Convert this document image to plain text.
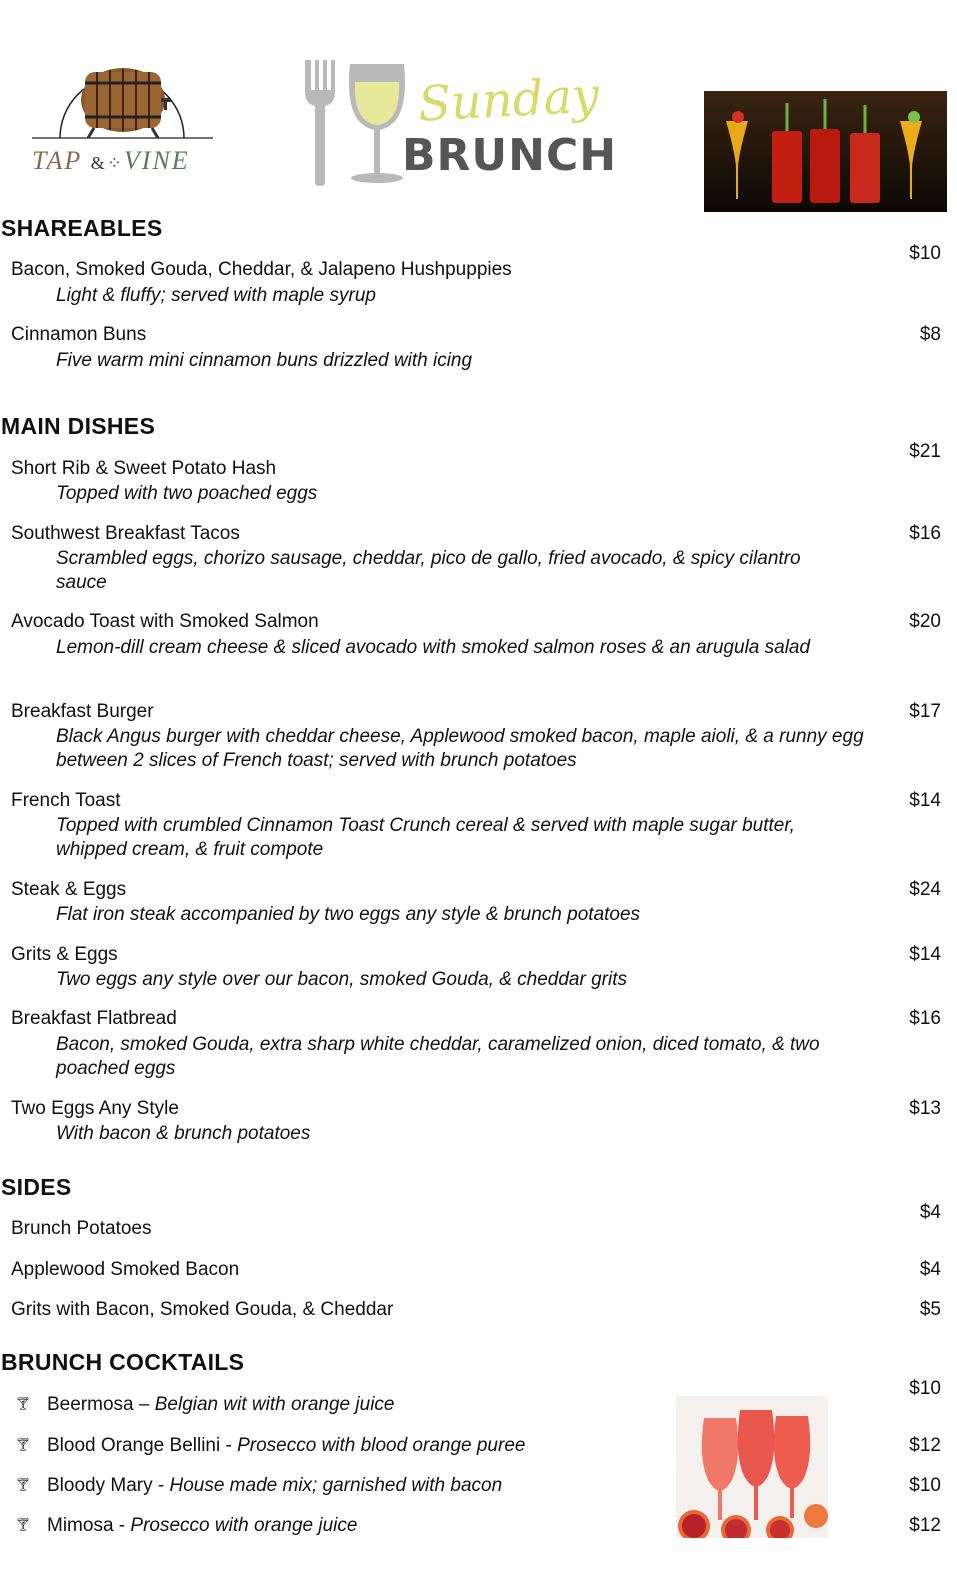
TAP &⁘VINE
Sunday
BRUNCH
SHAREABLES
Bacon, Smoked Gouda, Cheddar, & Jalapeno Hushpuppies
Light & fluffy; served with maple syrup
$10
Cinnamon Buns
Five warm mini cinnamon buns drizzled with icing
$8
MAIN DISHES
Short Rib & Sweet Potato Hash
Topped with two poached eggs
$21
Southwest Breakfast Tacos
Scrambled eggs, chorizo sausage, cheddar, pico de gallo, fried avocado, & spicy cilantro sauce
$16
Avocado Toast with Smoked Salmon
Lemon-dill cream cheese & sliced avocado with smoked salmon roses & an arugula salad
$20
Breakfast Burger
Black Angus burger with cheddar cheese, Applewood smoked bacon, maple aioli, & a runny egg between 2 slices of French toast; served with brunch potatoes
$17
French Toast
Topped with crumbled Cinnamon Toast Crunch cereal & served with maple sugar butter, whipped cream, & fruit compote
$14
Steak & Eggs
Flat iron steak accompanied by two eggs any style & brunch potatoes
$24
Grits & Eggs
Two eggs any style over our bacon, smoked Gouda, & cheddar grits
$14
Breakfast Flatbread
Bacon, smoked Gouda, extra sharp white cheddar, caramelized onion, diced tomato, & two poached eggs
$16
Two Eggs Any Style
With bacon & brunch potatoes
$13
SIDES
Brunch Potatoes
$4
Applewood Smoked Bacon	$4
Grits with Bacon, Smoked Gouda, & Cheddar	$5
BRUNCH COCKTAILS
🍸︎ Beermosa – Belgian wit with orange juice
$10
🍸︎ Blood Orange Bellini - Prosecco with blood orange puree	$12
🍸︎ Bloody Mary - House made mix; garnished with bacon	$10
🍸︎ Mimosa - Prosecco with orange juice	$12
